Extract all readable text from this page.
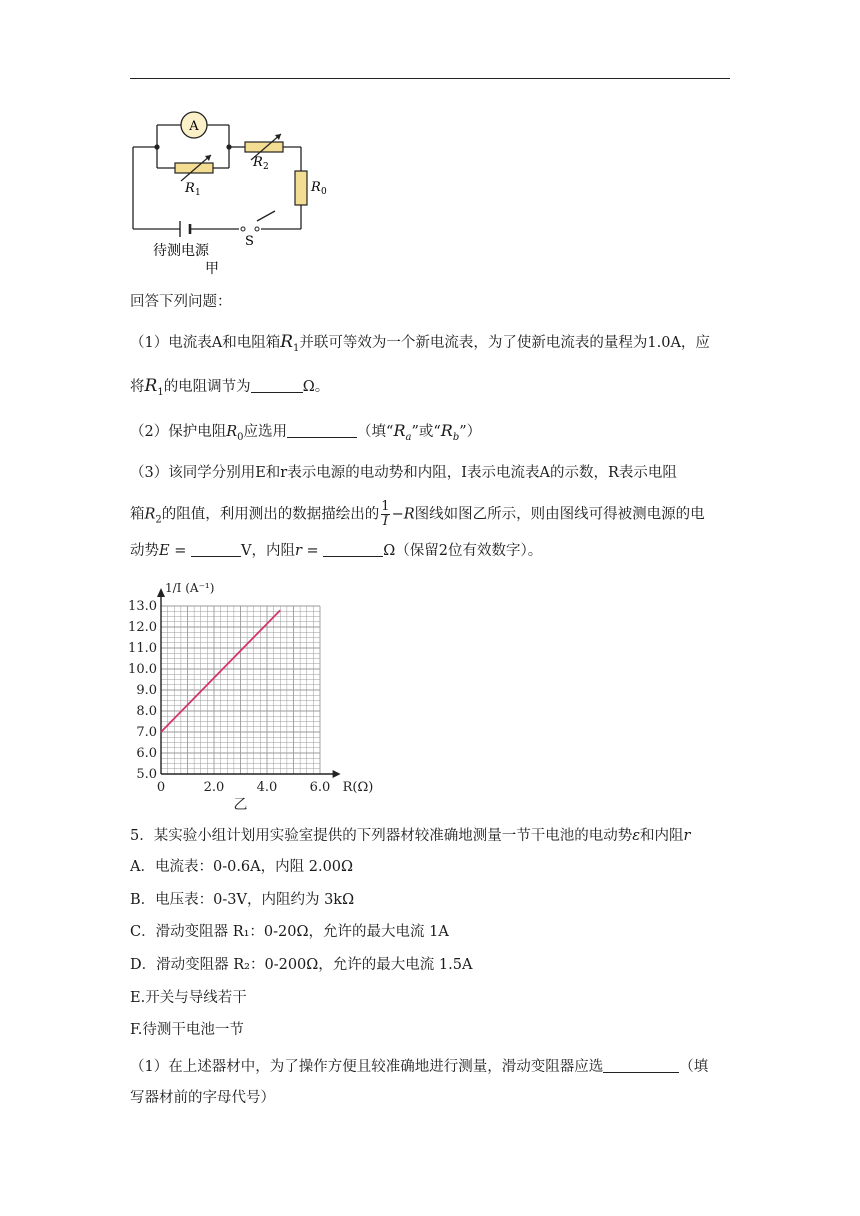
A
R 1
R 2
R 0
S
待测电源
甲
回答下列问题：
（1）电流表A和电阻箱$R_1$并联可等效为一个新电流表，为了使新电流表的量程为1.0A，应
将$R_1$的电阻调节为	Ω。
（2）保护电阻$R_0$应选用	（填“$R_a$”或“$R_b$”）
（3）该同学分别用E和r表示电源的电动势和内阻，I表示电流表A的示数，R表示电阻
箱$R_2$的阻值，利用测出的数据描绘出的 $\frac{1}{I} -R$图线如图乙所示，则由图线可得被测电源的电
动势E =	V，内阻r =	Ω（保留2位有效数字）。
5.0
6.0
7.0
8.0
9.0
10.0
11.0
12.0
13.0
0	2.0 4.0 6.0 R(Ω)
1/I (A⁻¹)
乙
5．某实验小组计划用实验室提供的下列器材较准确地测量一节干电池的电动势ε和内阻r
A．电流表：0-0.6A，内阻 2.00Ω
B．电压表：0-3V，内阻约为 3kΩ
C．滑动变阻器 R₁：0-20Ω，允许的最大电流 1A
D．滑动变阻器 R₂：0-200Ω，允许的最大电流 1.5A
E.开关与导线若干
F.待测干电池一节
（1）在上述器材中，为了操作方便且较准确地进行测量，滑动变阻器应选	（填
写器材前的字母代号）
